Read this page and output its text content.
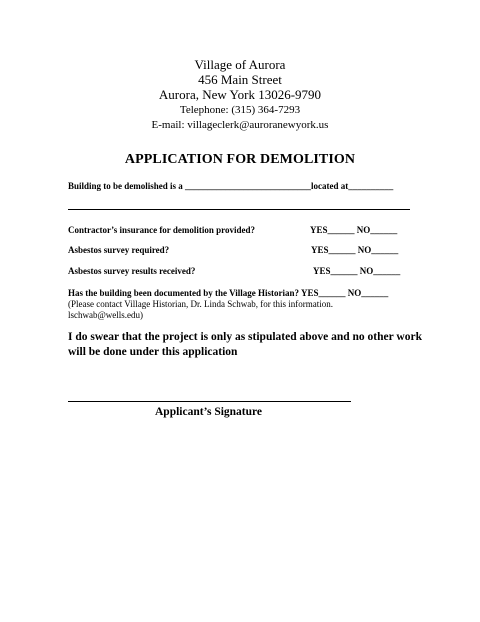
Village of Aurora
456 Main Street
Aurora, New York 13026-9790
Telephone: (315) 364-7293
E-mail: villageclerk@auroranewyork.us
APPLICATION FOR DEMOLITION
Building to be demolished is a ____________________________located at__________
Contractor’s insurance for demolition provided?	YES______ NO______
Asbestos survey required?	YES______ NO______
Asbestos survey results received?	YES______ NO______
Has the building been documented by the Village Historian? YES______ NO______
(Please contact Village Historian, Dr. Linda Schwab, for this information.
lschwab@wells.edu)
I do swear that the project is only as stipulated above and no other work
will be done under this application
Applicant’s Signature
